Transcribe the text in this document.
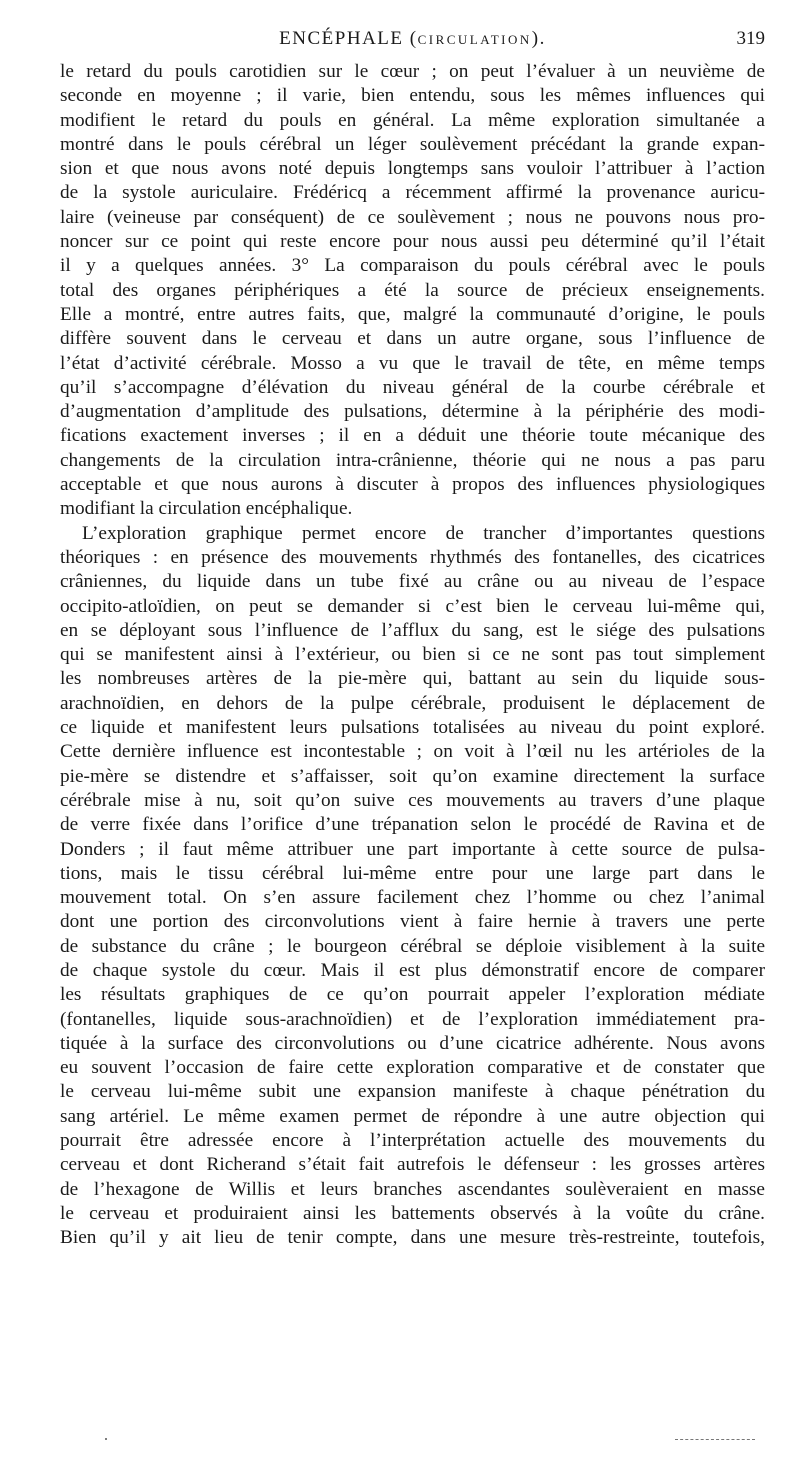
ENCÉPHALE (CIRCULATION).	319
le retard du pouls carotidien sur le cœur ; on peut l’évaluer à un neuvième de
seconde en moyenne ; il varie, bien entendu, sous les mêmes influences qui
modifient le retard du pouls en général. La même exploration simultanée a
montré dans le pouls cérébral un léger soulèvement précédant la grande expan-
sion et que nous avons noté depuis longtemps sans vouloir l’attribuer à l’action
de la systole auriculaire. Frédéricq a récemment affirmé la provenance auricu-
laire (veineuse par conséquent) de ce soulèvement ; nous ne pouvons nous pro-
noncer sur ce point qui reste encore pour nous aussi peu déterminé qu’il l’était
il y a quelques années. 3° La comparaison du pouls cérébral avec le pouls
total des organes périphériques a été la source de précieux enseignements.
Elle a montré, entre autres faits, que, malgré la communauté d’origine, le pouls
diffère souvent dans le cerveau et dans un autre organe, sous l’influence de
l’état d’activité cérébrale. Mosso a vu que le travail de tête, en même temps
qu’il s’accompagne d’élévation du niveau général de la courbe cérébrale et
d’augmentation d’amplitude des pulsations, détermine à la périphérie des modi-
fications exactement inverses ; il en a déduit une théorie toute mécanique des
changements de la circulation intra-crânienne, théorie qui ne nous a pas paru
acceptable et que nous aurons à discuter à propos des influences physiologiques
modifiant la circulation encéphalique.
L’exploration graphique permet encore de trancher d’importantes questions
théoriques : en présence des mouvements rhythmés des fontanelles, des cicatrices
crâniennes, du liquide dans un tube fixé au crâne ou au niveau de l’espace
occipito-atloïdien, on peut se demander si c’est bien le cerveau lui-même qui,
en se déployant sous l’influence de l’afflux du sang, est le siége des pulsations
qui se manifestent ainsi à l’extérieur, ou bien si ce ne sont pas tout simplement
les nombreuses artères de la pie-mère qui, battant au sein du liquide sous-
arachnoïdien, en dehors de la pulpe cérébrale, produisent le déplacement de
ce liquide et manifestent leurs pulsations totalisées au niveau du point exploré.
Cette dernière influence est incontestable ; on voit à l’œil nu les artérioles de la
pie-mère se distendre et s’affaisser, soit qu’on examine directement la surface
cérébrale mise à nu, soit qu’on suive ces mouvements au travers d’une plaque
de verre fixée dans l’orifice d’une trépanation selon le procédé de Ravina et de
Donders ; il faut même attribuer une part importante à cette source de pulsa-
tions, mais le tissu cérébral lui-même entre pour une large part dans le
mouvement total. On s’en assure facilement chez l’homme ou chez l’animal
dont une portion des circonvolutions vient à faire hernie à travers une perte
de substance du crâne ; le bourgeon cérébral se déploie visiblement à la suite
de chaque systole du cœur. Mais il est plus démonstratif encore de comparer
les résultats graphiques de ce qu’on pourrait appeler l’exploration médiate
(fontanelles, liquide sous-arachnoïdien) et de l’exploration immédiatement pra-
tiquée à la surface des circonvolutions ou d’une cicatrice adhérente. Nous avons
eu souvent l’occasion de faire cette exploration comparative et de constater que
le cerveau lui-même subit une expansion manifeste à chaque pénétration du
sang artériel. Le même examen permet de répondre à une autre objection qui
pourrait être adressée encore à l’interprétation actuelle des mouvements du
cerveau et dont Richerand s’était fait autrefois le défenseur : les grosses artères
de l’hexagone de Willis et leurs branches ascendantes soulèveraient en masse
le cerveau et produiraient ainsi les battements observés à la voûte du crâne.
Bien qu’il y ait lieu de tenir compte, dans une mesure très-restreinte, toutefois,
